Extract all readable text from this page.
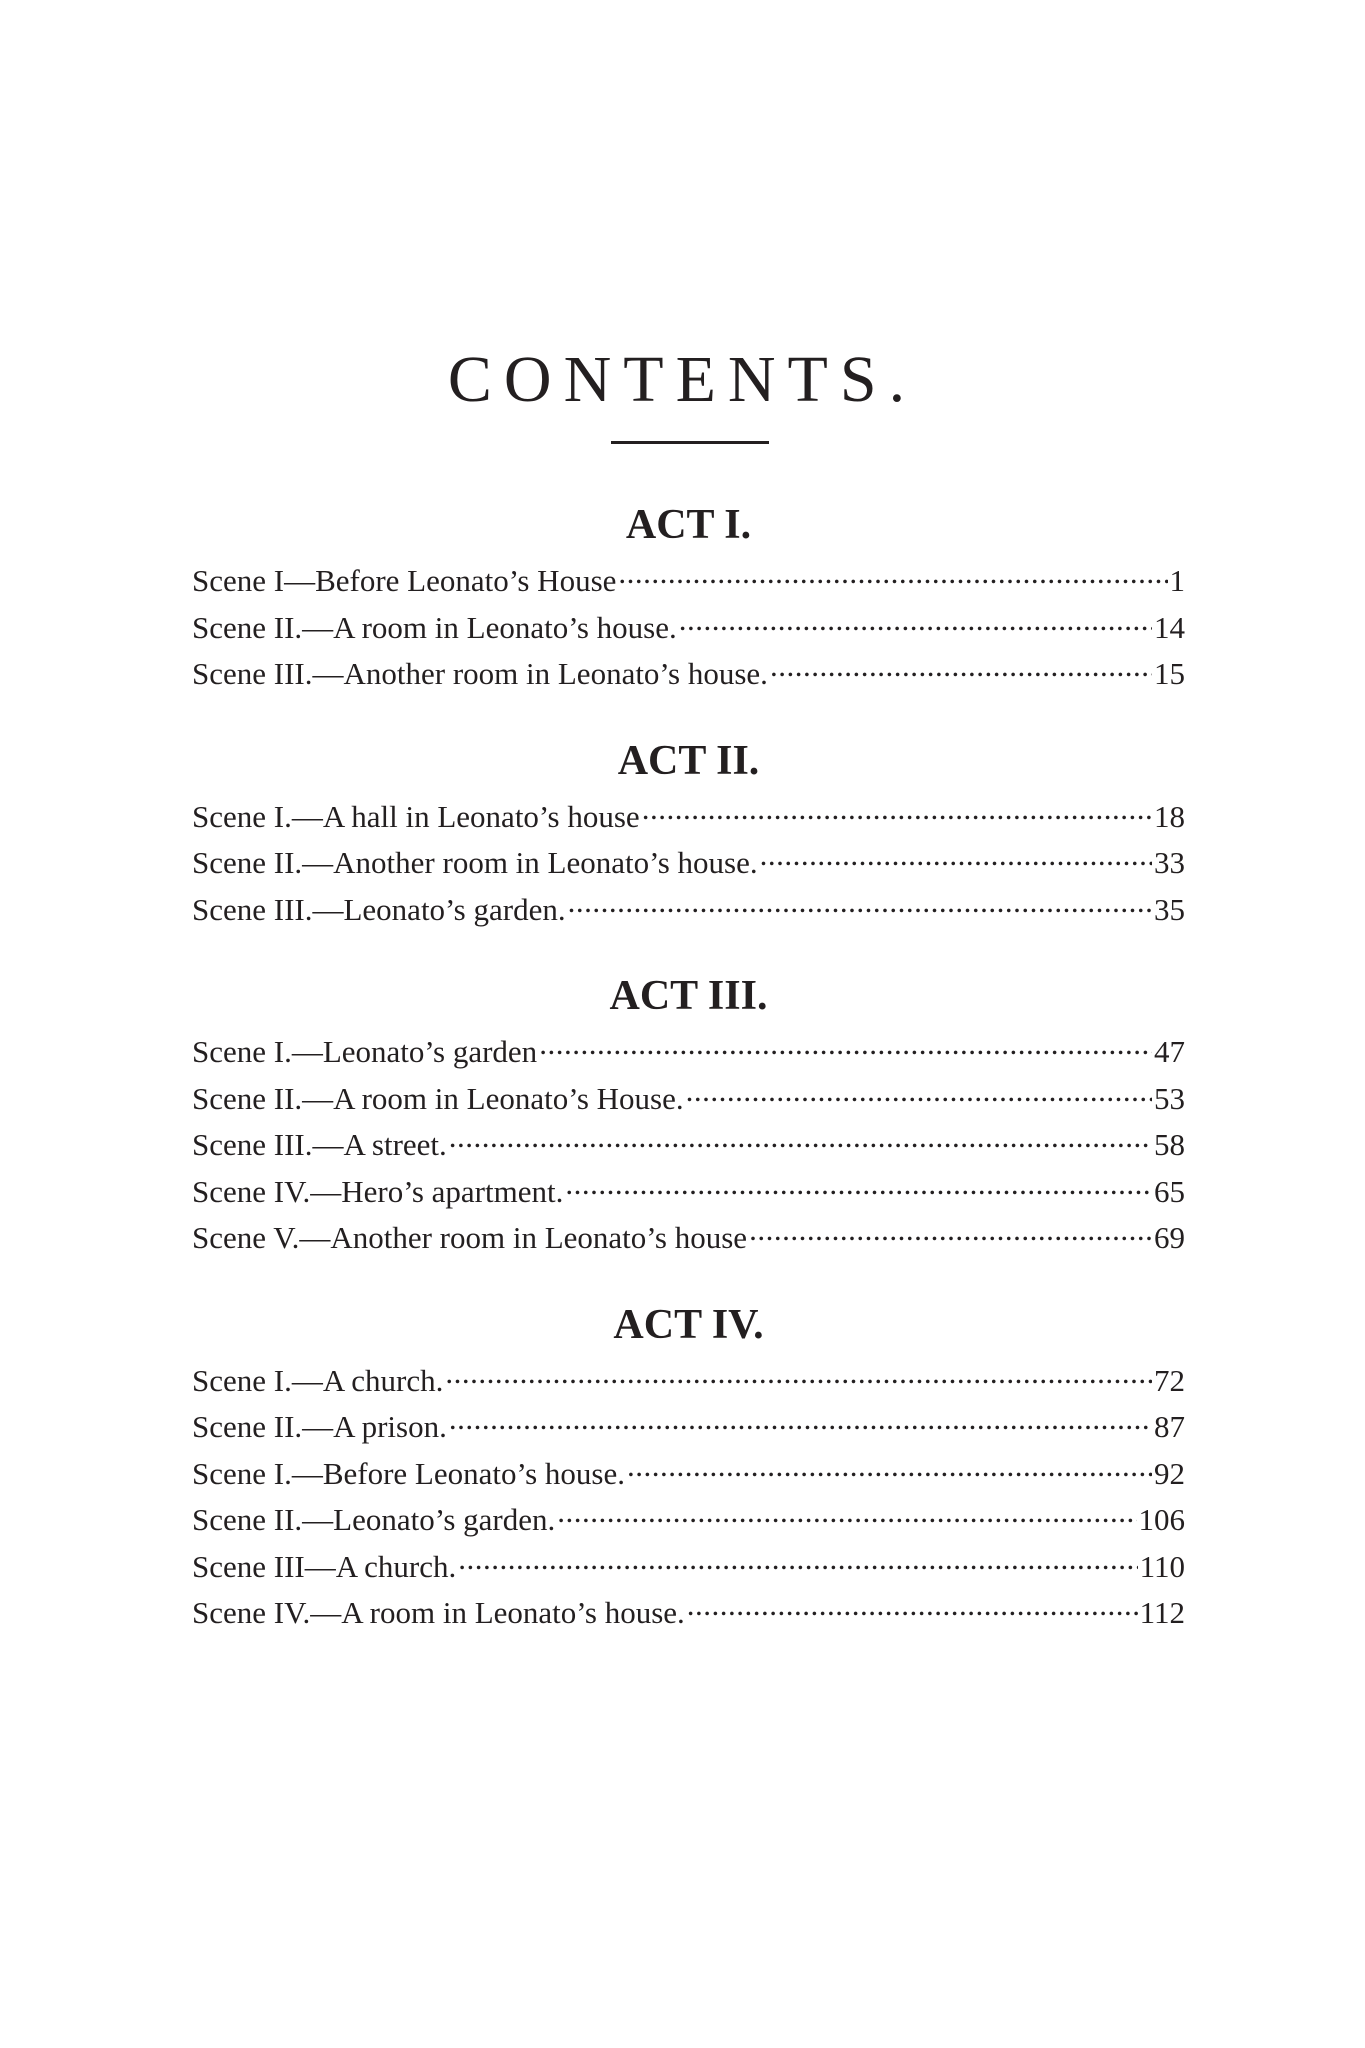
CONTENTS.
ACT I.
Scene I—Before Leonato’s House .....	1
Scene II.—A room in Leonato’s house. .....	14
Scene III.—Another room in Leonato’s house. .....	15
ACT II.
Scene I.—A hall in Leonato’s house .....	18
Scene II.—Another room in Leonato’s house. .....	33
Scene III.—Leonato’s garden. .....	35
ACT III.
Scene I.—Leonato’s garden .....	47
Scene II.—A room in Leonato’s House. .....	53
Scene III.—A street. .....	58
Scene IV.—Hero’s apartment. .....	65
Scene V.—Another room in Leonato’s house .....	69
ACT IV.
Scene I.—A church. .....	72
Scene II.—A prison. .....	87
Scene I.—Before Leonato’s house. .....	92
Scene II.—Leonato’s garden. .....	106
Scene III—A church. .....	110
Scene IV.—A room in Leonato’s house. .....	112
